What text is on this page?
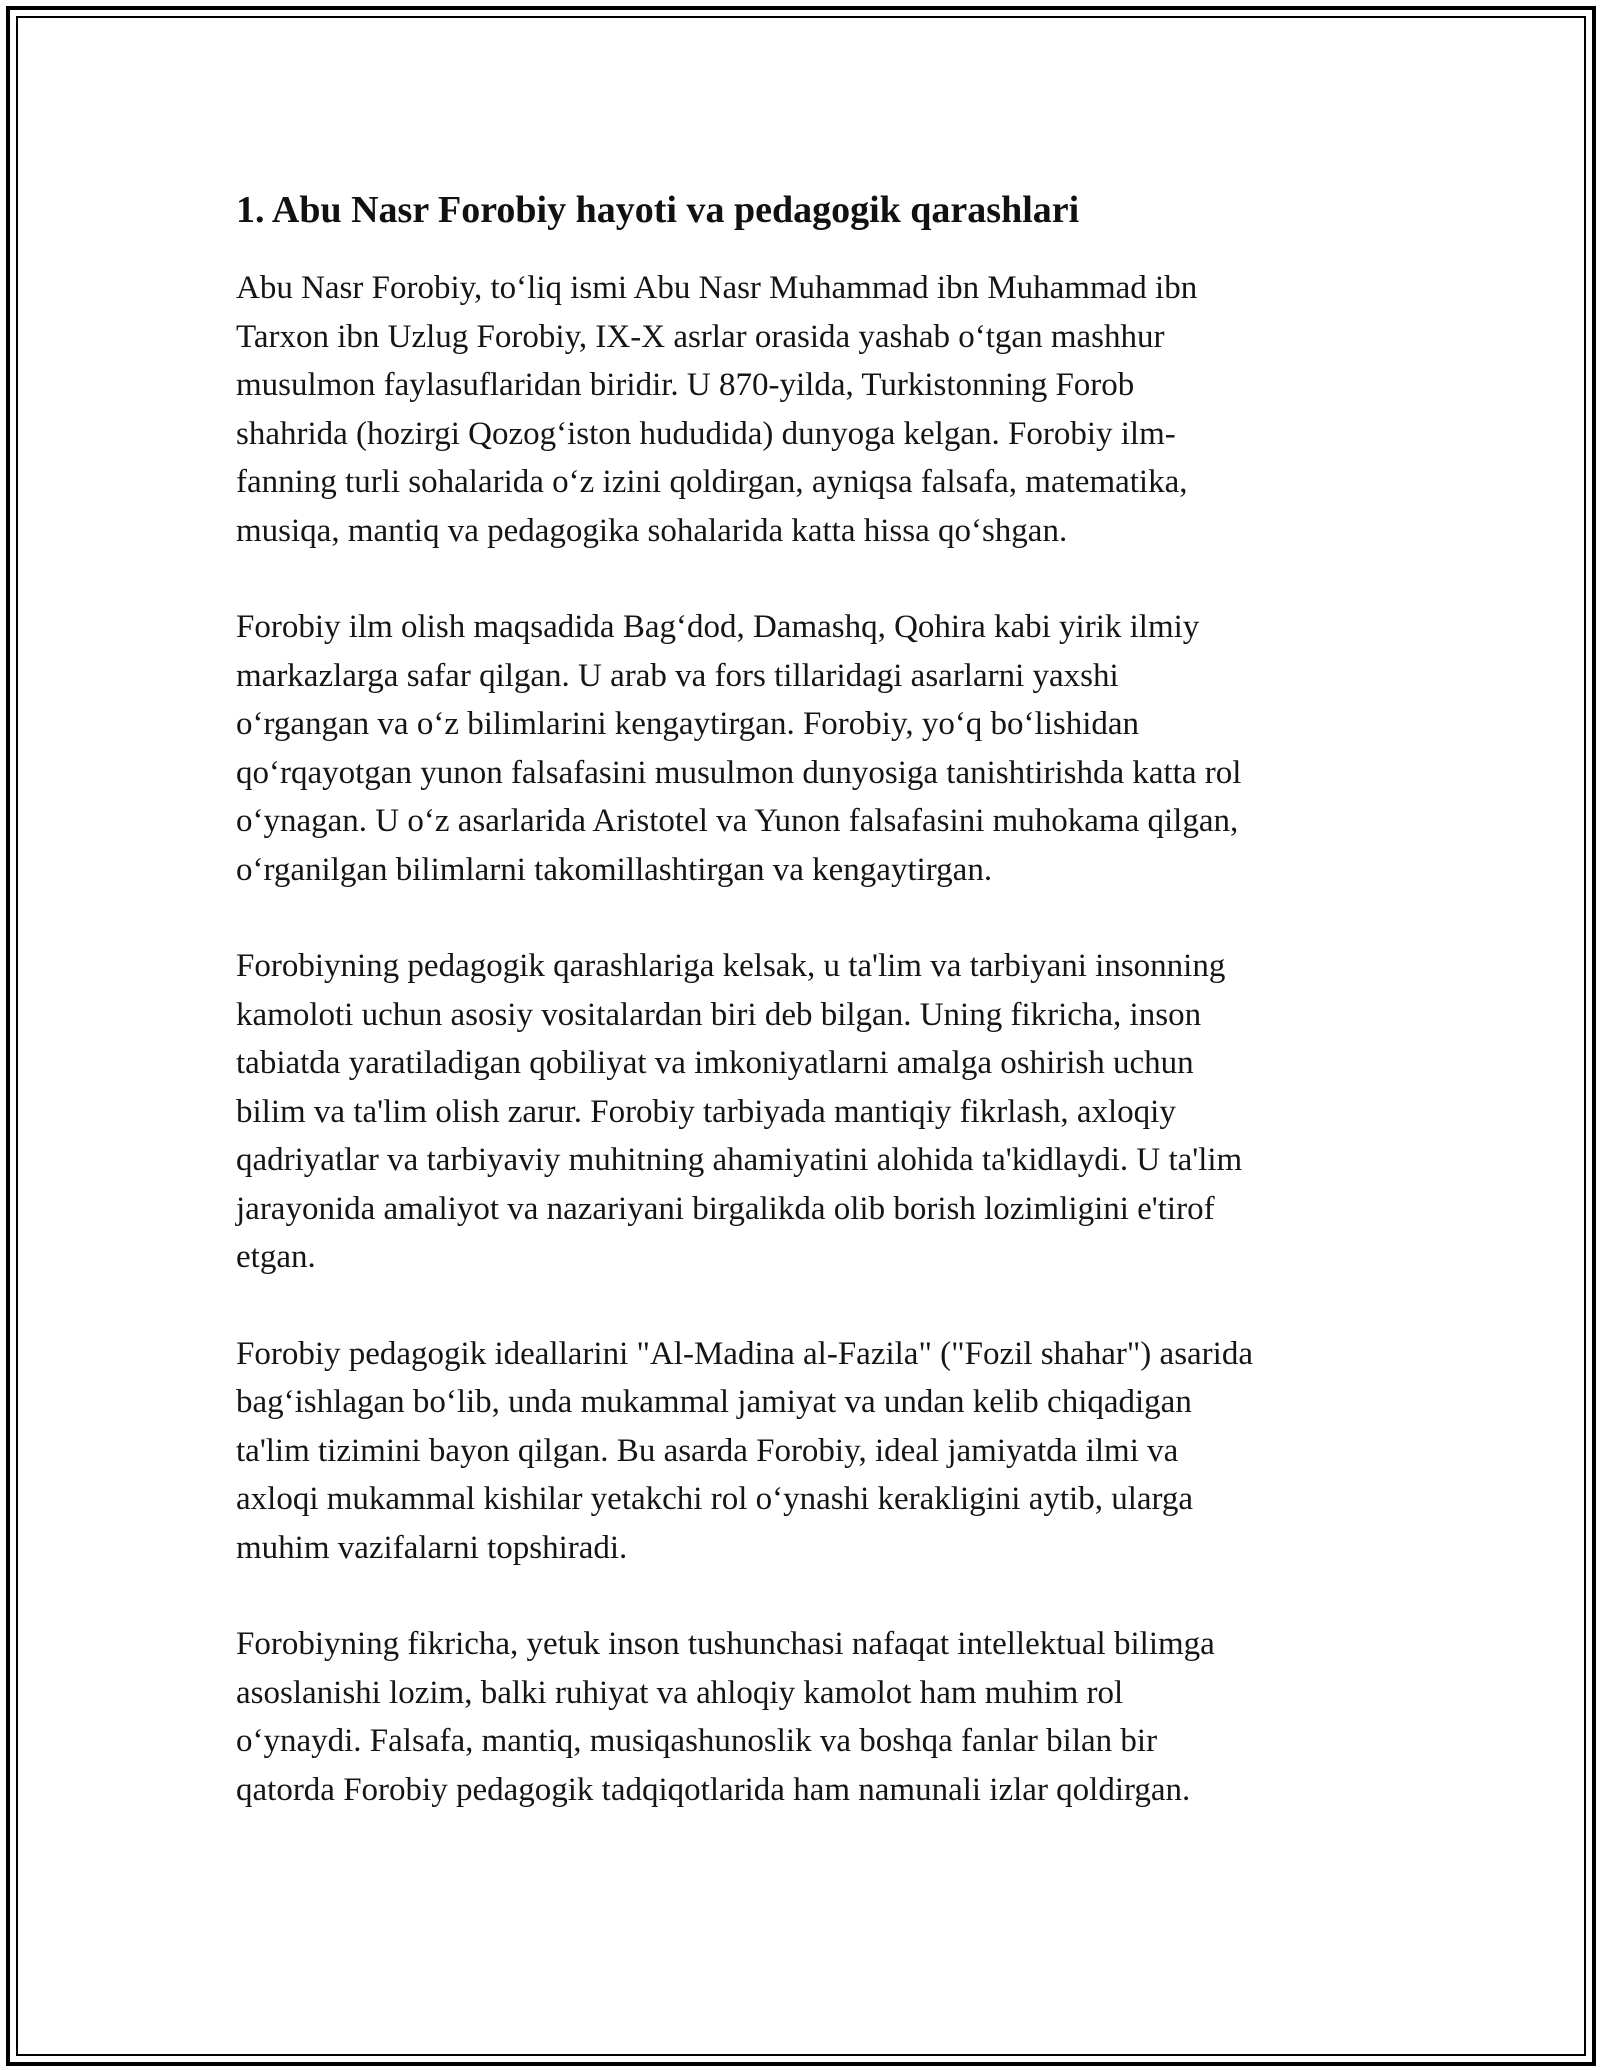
1. Abu Nasr Forobiy hayoti va pedagogik qarashlari

Abu Nasr Forobiy, to‘liq ismi Abu Nasr Muhammad ibn Muhammad ibn
Tarxon ibn Uzlug Forobiy, IX-X asrlar orasida yashab o‘tgan mashhur
musulmon faylasuflaridan biridir. U 870-yilda, Turkistonning Forob
shahrida (hozirgi Qozog‘iston hududida) dunyoga kelgan. Forobiy ilm-
fanning turli sohalarida o‘z izini qoldirgan, ayniqsa falsafa, matematika,
musiqa, mantiq va pedagogika sohalarida katta hissa qo‘shgan.

Forobiy ilm olish maqsadida Bag‘dod, Damashq, Qohira kabi yirik ilmiy
markazlarga safar qilgan. U arab va fors tillaridagi asarlarni yaxshi
o‘rgangan va o‘z bilimlarini kengaytirgan. Forobiy, yo‘q bo‘lishidan
qo‘rqayotgan yunon falsafasini musulmon dunyosiga tanishtirishda katta rol
o‘ynagan. U o‘z asarlarida Aristotel va Yunon falsafasini muhokama qilgan,
o‘rganilgan bilimlarni takomillashtirgan va kengaytirgan.

Forobiyning pedagogik qarashlariga kelsak, u ta'lim va tarbiyani insonning
kamoloti uchun asosiy vositalardan biri deb bilgan. Uning fikricha, inson
tabiatda yaratiladigan qobiliyat va imkoniyatlarni amalga oshirish uchun
bilim va ta'lim olish zarur. Forobiy tarbiyada mantiqiy fikrlash, axloqiy
qadriyatlar va tarbiyaviy muhitning ahamiyatini alohida ta'kidlaydi. U ta'lim
jarayonida amaliyot va nazariyani birgalikda olib borish lozimligini e'tirof
etgan.

Forobiy pedagogik ideallarini "Al-Madina al-Fazila" ("Fozil shahar") asarida
bag‘ishlagan bo‘lib, unda mukammal jamiyat va undan kelib chiqadigan
ta'lim tizimini bayon qilgan. Bu asarda Forobiy, ideal jamiyatda ilmi va
axloqi mukammal kishilar yetakchi rol o‘ynashi kerakligini aytib, ularga
muhim vazifalarni topshiradi.

Forobiyning fikricha, yetuk inson tushunchasi nafaqat intellektual bilimga
asoslanishi lozim, balki ruhiyat va ahloqiy kamolot ham muhim rol
o‘ynaydi. Falsafa, mantiq, musiqashunoslik va boshqa fanlar bilan bir
qatorda Forobiy pedagogik tadqiqotlarida ham namunali izlar qoldirgan.
